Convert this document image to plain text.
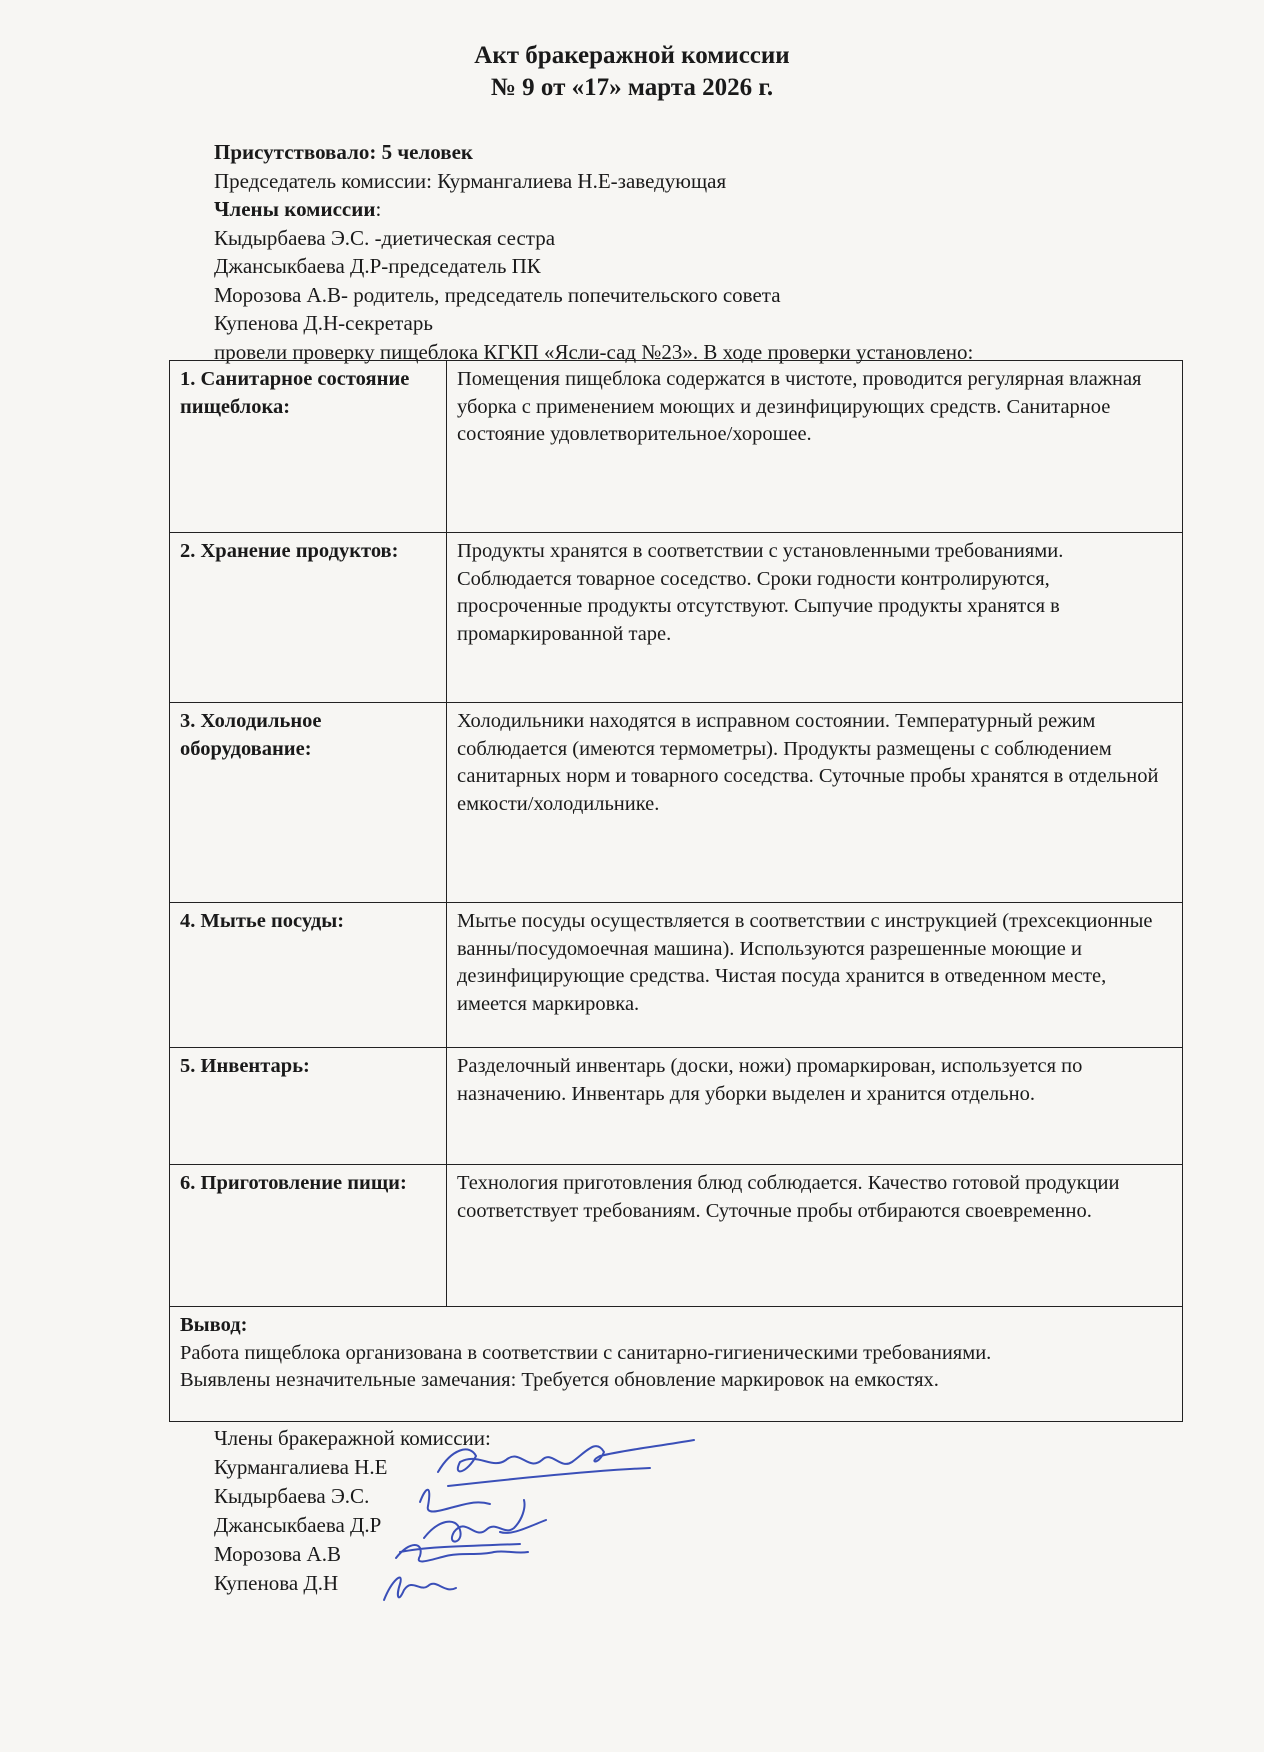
Акт бракеражной комиссии
№ 9 от «17» марта 2026 г.
Присутствовало: 5 человек
Председатель комиссии: Курмангалиева Н.Е-заведующая
Члены комиссии:
Кыдырбаева Э.С. -диетическая сестра
Джансыкбаева Д.Р-председатель ПК
Морозова А.В- родитель, председатель попечительского совета
Купенова Д.Н-секретарь
провели проверку пищеблока КГКП «Ясли-сад №23». В ходе проверки установлено:
1. Санитарное состояние пищеблока:	Помещения пищеблока содержатся в чистоте, проводится регулярная влажная уборка с применением моющих и дезинфицирующих средств. Санитарное состояние удовлетворительное/хорошее.
2. Хранение продуктов:	Продукты хранятся в соответствии с установленными требованиями. Соблюдается товарное соседство. Сроки годности контролируются, просроченные продукты отсутствуют. Сыпучие продукты хранятся в промаркированной таре.
3. Холодильное оборудование:	Холодильники находятся в исправном состоянии. Температурный режим соблюдается (имеются термометры). Продукты размещены с соблюдением санитарных норм и товарного соседства. Суточные пробы хранятся в отдельной емкости/холодильнике.
4. Мытье посуды:	Мытье посуды осуществляется в соответствии с инструкцией (трехсекционные ванны/посудомоечная машина). Используются разрешенные моющие и дезинфицирующие средства. Чистая посуда хранится в отведенном месте, имеется маркировка.
5. Инвентарь:	Разделочный инвентарь (доски, ножи) промаркирован, используется по назначению. Инвентарь для уборки выделен и хранится отдельно.
6. Приготовление пищи:	Технология приготовления блюд соблюдается. Качество готовой продукции соответствует требованиям. Суточные пробы отбираются своевременно.

Вывод:
Работа пищеблока организована в соответствии с санитарно-гигиеническими требованиями.
Выявлены незначительные замечания: Требуется обновление маркировок на емкостях.	
Члены бракеражной комиссии:
Курмангалиева Н.Е
Кыдырбаева Э.С.
Джансыкбаева Д.Р
Морозова А.В
Купенова Д.Н
